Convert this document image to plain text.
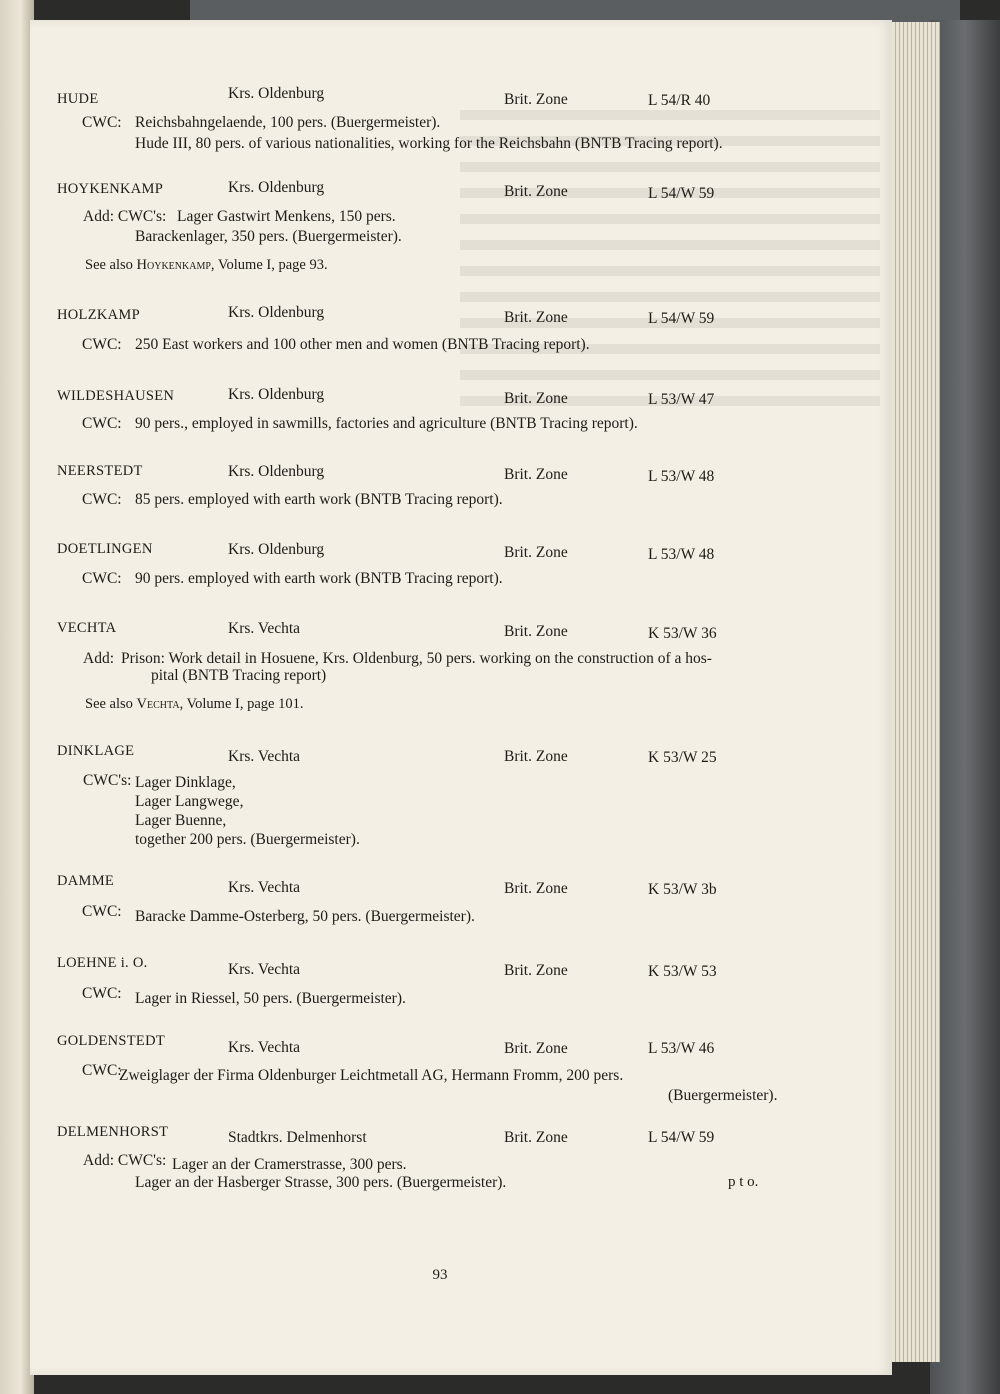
HUDE	Krs. Oldenburg	Brit. Zone	L 54/R 40
CWC: Reichsbahngelaende, 100 pers. (Buergermeister).
Hude III, 80 pers. of various nationalities, working for the Reichsbahn (BNTB Tracing report).
HOYKENKAMP	Krs. Oldenburg	Brit. Zone	L 54/W 59
Add: CWC's: Lager Gastwirt Menkens, 150 pers.
Barackenlager, 350 pers. (Buergermeister).
See also Hoykenkamp, Volume I, page 93.
HOLZKAMP	Krs. Oldenburg	Brit. Zone	L 54/W 59
CWC: 250 East workers and 100 other men and women (BNTB Tracing report).
WILDESHAUSEN	Krs. Oldenburg	Brit. Zone	L 53/W 47
CWC: 90 pers., employed in sawmills, factories and agriculture (BNTB Tracing report).
NEERSTEDT	Krs. Oldenburg	Brit. Zone	L 53/W 48
CWC: 85 pers. employed with earth work (BNTB Tracing report).
DOETLINGEN	Krs. Oldenburg	Brit. Zone	L 53/W 48
CWC: 90 pers. employed with earth work (BNTB Tracing report).
VECHTA	Krs. Vechta	Brit. Zone	K 53/W 36
Add: Prison: Work detail in Hosuene, Krs. Oldenburg, 50 pers. working on the construction of a hos-
pital (BNTB Tracing report)
See also Vechta, Volume I, page 101.
DINKLAGE	Krs. Vechta	Brit. Zone	K 53/W 25
CWC's: Lager Dinklage,
Lager Langwege,
Lager Buenne,
together 200 pers. (Buergermeister).
DAMME	Krs. Vechta	Brit. Zone	K 53/W 3b
CWC: Baracke Damme-Osterberg, 50 pers. (Buergermeister).
LOEHNE i. O.	Krs. Vechta	Brit. Zone	K 53/W 53
CWC: Lager in Riessel, 50 pers. (Buergermeister).
GOLDENSTEDT	Krs. Vechta	Brit. Zone	L 53/W 46
CWC:
Zweiglager der Firma Oldenburger Leichtmetall AG, Hermann Fromm, 200 pers.
(Buergermeister).
DELMENHORST	Stadtkrs. Delmenhorst	Brit. Zone	L 54/W 59
Add: CWC's: Lager an der Cramerstrasse, 300 pers.
Lager an der Hasberger Strasse, 300 pers. (Buergermeister).	p t o.
93
